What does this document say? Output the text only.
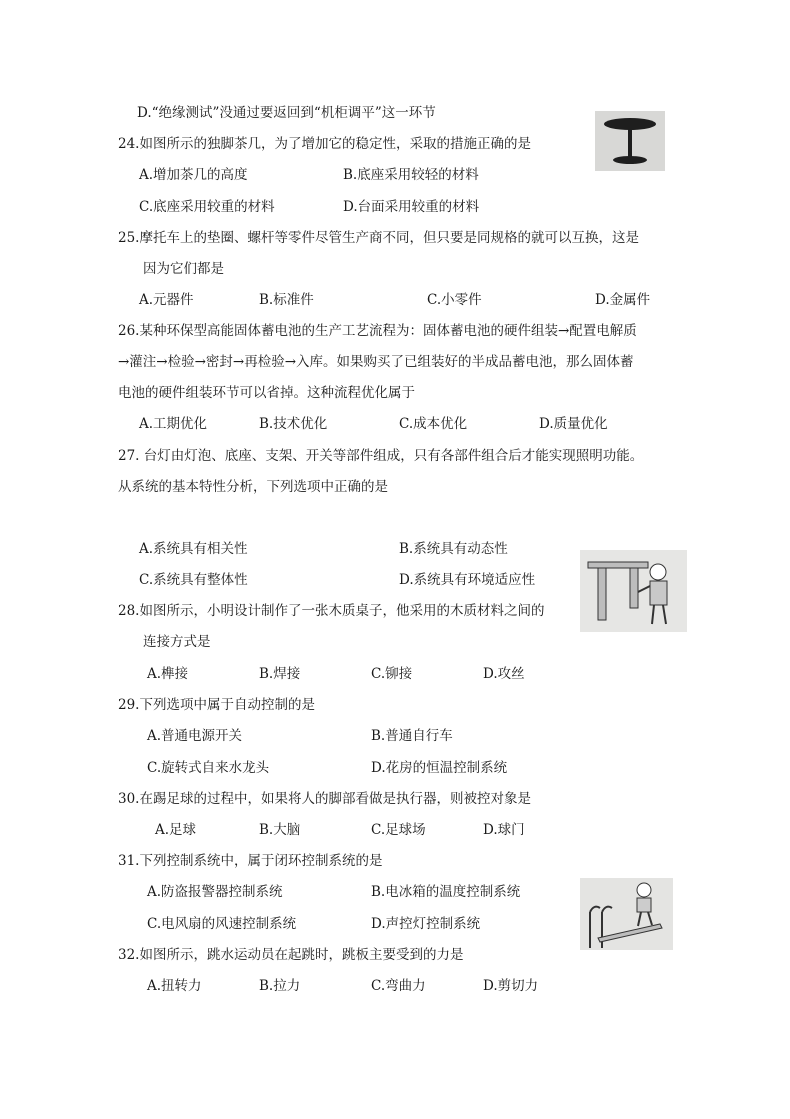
D.“绝缘测试”没通过要返回到“机柜调平”这一环节
24.如图所示的独脚茶几，为了增加它的稳定性，采取的措施正确的是
A.增加茶几的高度	B.底座采用较轻的材料
C.底座采用较重的材料	D.台面采用较重的材料
25.摩托车上的垫圈、螺杆等零件尽管生产商不同，但只要是同规格的就可以互换，这是
因为它们都是
A.元器件	B.标准件	C.小零件	D.金属件
26.某种环保型高能固体蓄电池的生产工艺流程为：固体蓄电池的硬件组装→配置电解质
→灌注→检验→密封→再检验→入库。如果购买了已组装好的半成品蓄电池，那么固体蓄
电池的硬件组装环节可以省掉。这种流程优化属于
A.工期优化	B.技术优化	C.成本优化	D.质量优化
27. 台灯由灯泡、底座、支架、开关等部件组成，只有各部件组合后才能实现照明功能。
从系统的基本特性分析，下列选项中正确的是
A.系统具有相关性	B.系统具有动态性
C.系统具有整体性	D.系统具有环境适应性
28.如图所示，小明设计制作了一张木质桌子，他采用的木质材料之间的
连接方式是
A.榫接	B.焊接	C.铆接	D.攻丝
29.下列选项中属于自动控制的是
A.普通电源开关	B.普通自行车
C.旋转式自来水龙头	D.花房的恒温控制系统
30.在踢足球的过程中，如果将人的脚部看做是执行器，则被控对象是
A.足球	B.大脑	C.足球场	D.球门
31.下列控制系统中，属于闭环控制系统的是
A.防盗报警器控制系统	B.电冰箱的温度控制系统
C.电风扇的风速控制系统	D.声控灯控制系统
32.如图所示，跳水运动员在起跳时，跳板主要受到的力是
A.扭转力	B.拉力	C.弯曲力	D.剪切力
